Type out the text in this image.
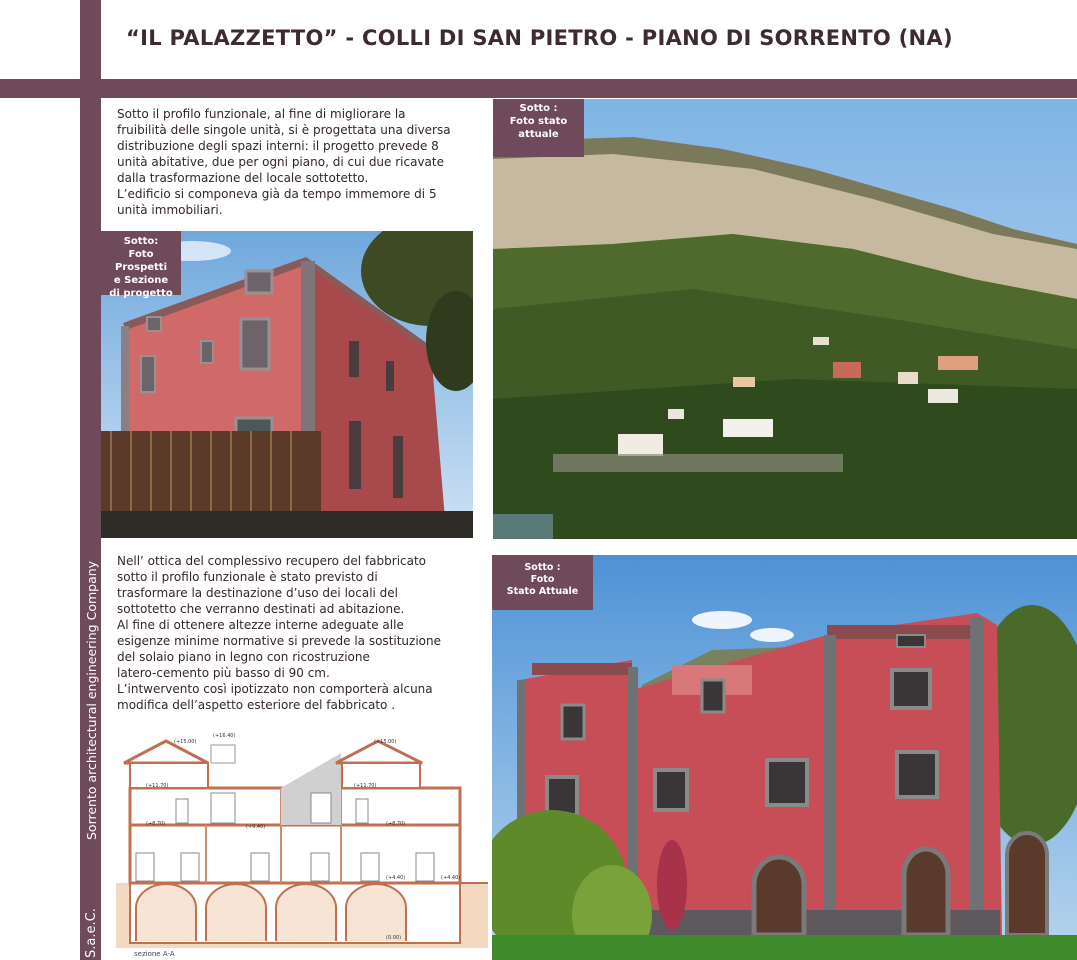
“IL PALAZZETTO” - COLLI DI SAN PIETRO - PIANO DI SORRENTO (NA)
Sorrento architectural engineering Company
S.a.e.C.
Sotto il profilo funzionale, al fine di migliorare la
fruibilità delle singole unità, si è progettata una diversa
distribuzione degli spazi interni: il progetto prevede 8
unità abitative, due per ogni piano, di cui due ricavate
dalla trasformazione del locale sottotetto.
L’edificio si componeva già da tempo immemore di 5
unità immobiliari.
Sotto:
Foto Prospetti
e Sezione
di progetto
Sotto :
Foto stato
attuale
Nell’ ottica del complessivo recupero del fabbricato
sotto il profilo funzionale è stato previsto di
trasformare la destinazione d’uso dei locali del
sottotetto che verranno destinati ad abitazione.
Al fine di ottenere altezze interne adeguate alle
esigenze minime normative si prevede la sostituzione
del solaio piano in legno con ricostruzione
latero-cemento più basso di 90 cm.
L’intwervento così ipotizzato non comporterà alcuna
modifica dell’aspetto esteriore del fabbricato .
(+15.00)
(+16.40)
(+15.00)
(+11.70)	(+11.70)
(+8.70)	(+9.40)	(+8.70)
(+4.40)	(+4.40)
(0.00)
sezione A-A
Sotto :
Foto
Stato Attuale
